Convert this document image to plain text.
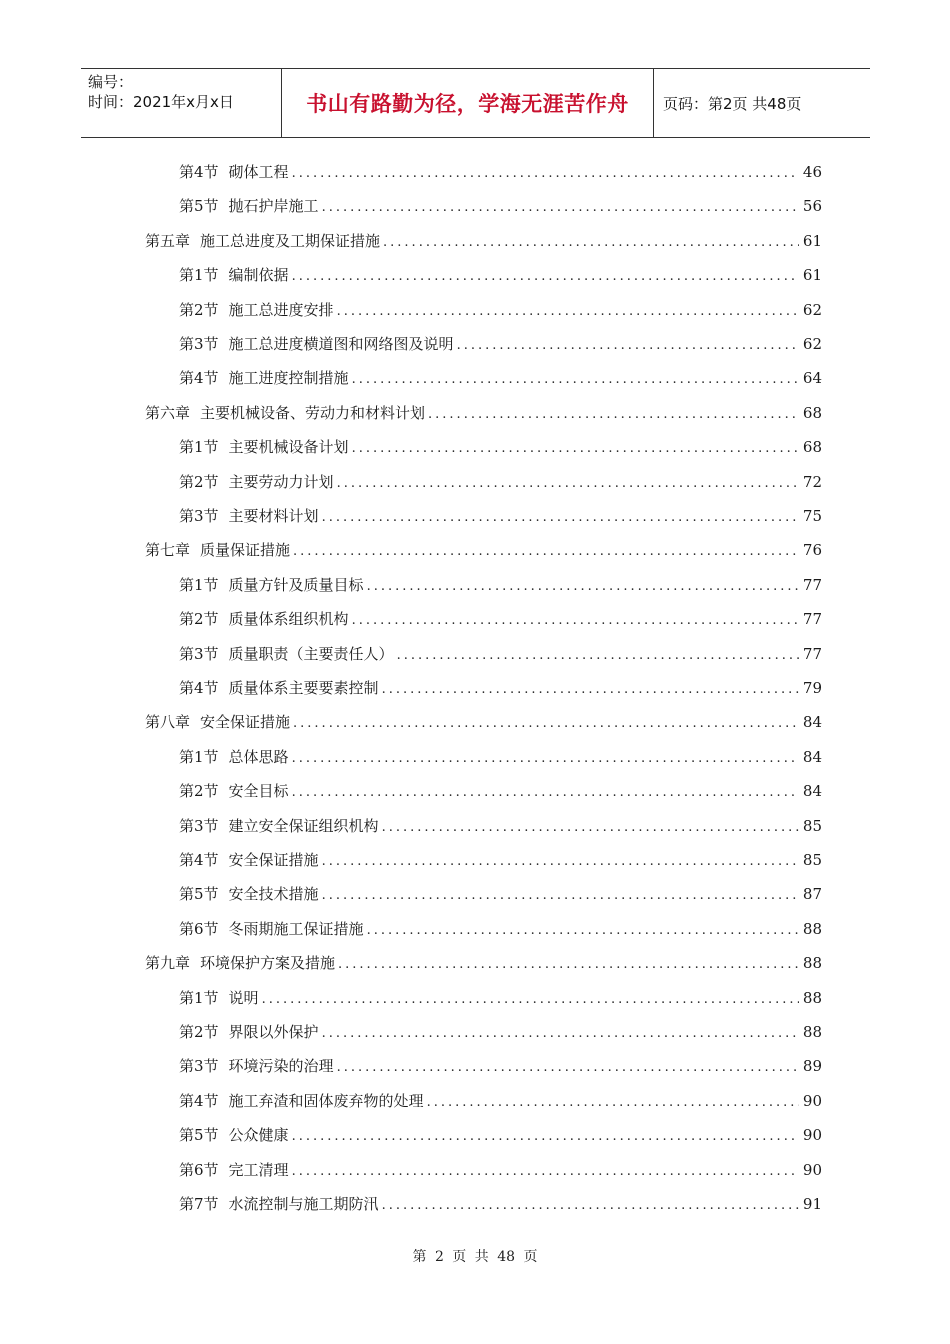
编号：
时间：2021年x月x日	书山有路勤为径，学海无涯苦作舟	页码：第2页 共48页
第4节 砌体工程 .....	46
第5节 抛石护岸施工 .....	56
第五章 施工总进度及工期保证措施 .....	61
第1节 编制依据 .....	61
第2节 施工总进度安排 .....	62
第3节 施工总进度横道图和网络图及说明 .....	62
第4节 施工进度控制措施 .....	64
第六章 主要机械设备、劳动力和材料计划 .....	68
第1节 主要机械设备计划 .....	68
第2节 主要劳动力计划 .....	72
第3节 主要材料计划 .....	75
第七章 质量保证措施 .....	76
第1节 质量方针及质量目标 .....	77
第2节 质量体系组织机构 .....	77
第3节 质量职责（主要责任人） .....	77
第4节 质量体系主要要素控制 .....	79
第八章 安全保证措施 .....	84
第1节 总体思路 .....	84
第2节 安全目标 .....	84
第3节 建立安全保证组织机构 .....	85
第4节 安全保证措施 .....	85
第5节 安全技术措施 .....	87
第6节 冬雨期施工保证措施 .....	88
第九章 环境保护方案及措施 .....	88
第1节 说明 .....	88
第2节 界限以外保护 .....	88
第3节 环境污染的治理 .....	89
第4节 施工弃渣和固体废弃物的处理 .....	90
第5节 公众健康 .....	90
第6节 完工清理 .....	90
第7节 水流控制与施工期防汛 .....	91
第 2 页 共 48 页
